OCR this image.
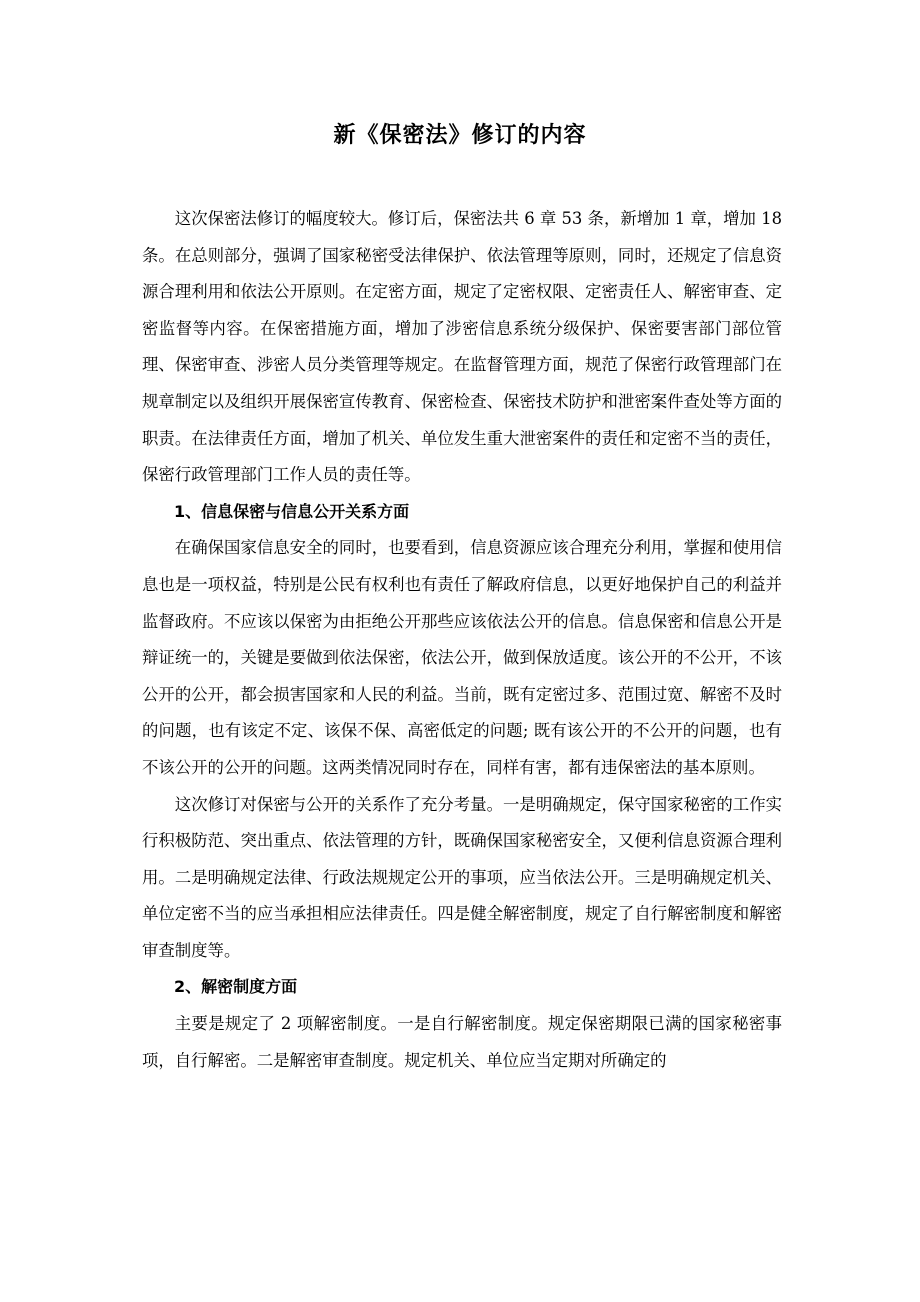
新《保密法》修订的内容

这次保密法修订的幅度较大。修订后，保密法共 6 章 53 条，新增加 1 章，增加 18 条。在总则部分，强调了国家秘密受法律保护、依法管理等原则，同时，还规定了信息资源合理利用和依法公开原则。在定密方面，规定了定密权限、定密责任人、解密审查、定密监督等内容。在保密措施方面，增加了涉密信息系统分级保护、保密要害部门部位管理、保密审查、涉密人员分类管理等规定。在监督管理方面，规范了保密行政管理部门在规章制定以及组织开展保密宣传教育、保密检查、保密技术防护和泄密案件查处等方面的职责。在法律责任方面，增加了机关、单位发生重大泄密案件的责任和定密不当的责任，保密行政管理部门工作人员的责任等。

1、信息保密与信息公开关系方面

在确保国家信息安全的同时，也要看到，信息资源应该合理充分利用，掌握和使用信息也是一项权益，特别是公民有权利也有责任了解政府信息，以更好地保护自己的利益并监督政府。不应该以保密为由拒绝公开那些应该依法公开的信息。信息保密和信息公开是辩证统一的，关键是要做到依法保密，依法公开，做到保放适度。该公开的不公开，不该公开的公开，都会损害国家和人民的利益。当前，既有定密过多、范围过宽、解密不及时的问题，也有该定不定、该保不保、高密低定的问题; 既有该公开的不公开的问题，也有不该公开的公开的问题。这两类情况同时存在，同样有害，都有违保密法的基本原则。

这次修订对保密与公开的关系作了充分考量。一是明确规定，保守国家秘密的工作实行积极防范、突出重点、依法管理的方针，既确保国家秘密安全，又便利信息资源合理利用。二是明确规定法律、行政法规规定公开的事项，应当依法公开。三是明确规定机关、单位定密不当的应当承担相应法律责任。四是健全解密制度，规定了自行解密制度和解密审查制度等。

2、解密制度方面

主要是规定了 2 项解密制度。一是自行解密制度。规定保密期限已满的国家秘密事项，自行解密。二是解密审查制度。规定机关、单位应当定期对所确定的
